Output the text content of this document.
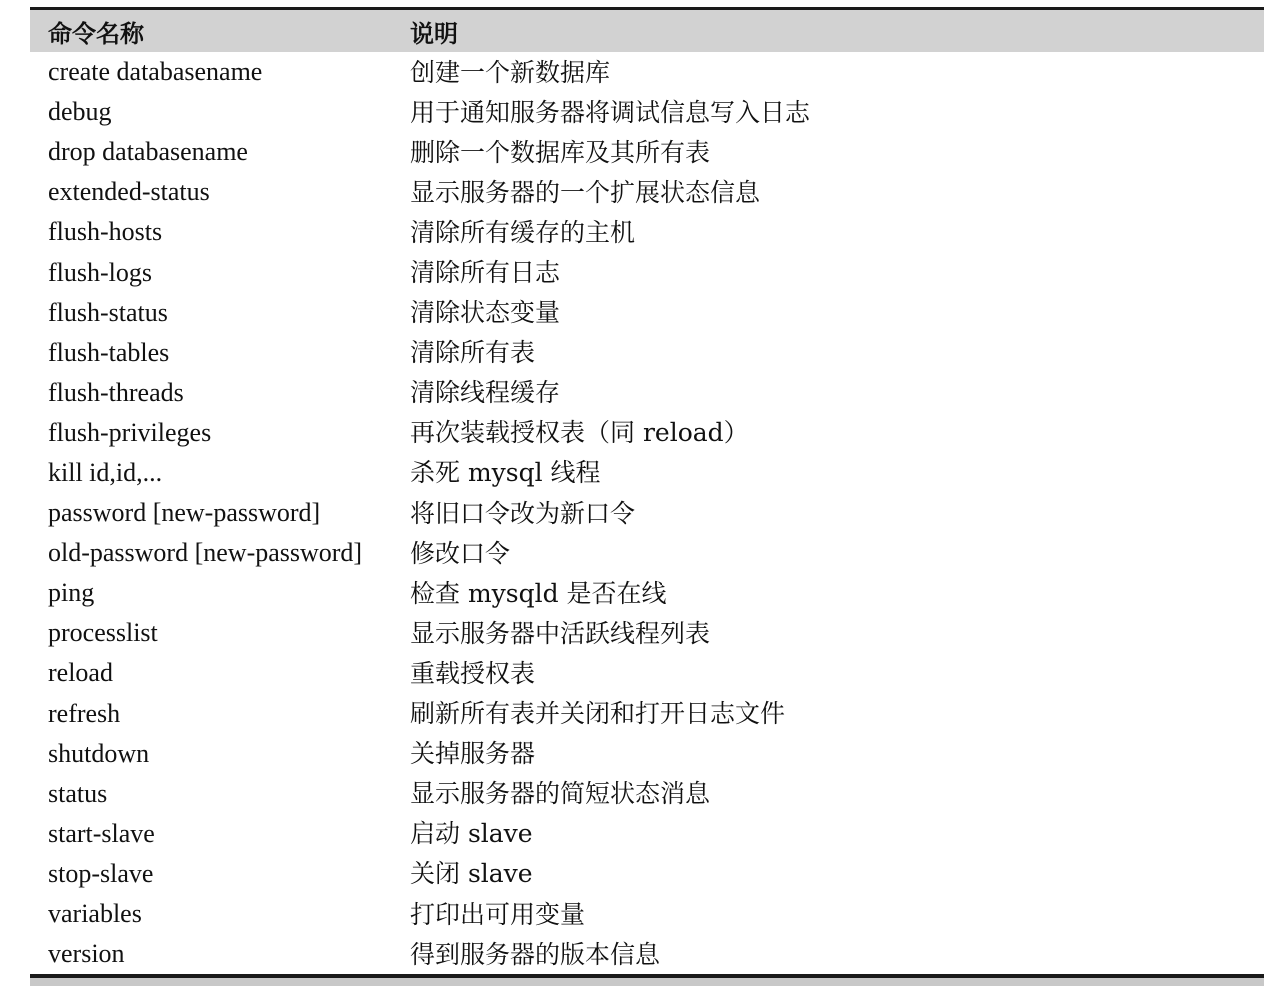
命令名称	说明
create databasename	创建一个新数据库
debug	用于通知服务器将调试信息写入日志
drop databasename	删除一个数据库及其所有表
extended-status	显示服务器的一个扩展状态信息
flush-hosts	清除所有缓存的主机
flush-logs	清除所有日志
flush-status	清除状态变量
flush-tables	清除所有表
flush-threads	清除线程缓存
flush-privileges	再次装载授权表（同 reload）
kill id,id,...	杀死 mysql 线程
password [new-password]	将旧口令改为新口令
old-password [new-password]	修改口令
ping	检查 mysqld 是否在线
processlist	显示服务器中活跃线程列表
reload	重载授权表
refresh	刷新所有表并关闭和打开日志文件
shutdown	关掉服务器
status	显示服务器的简短状态消息
start-slave	启动 slave
stop-slave	关闭 slave
variables	打印出可用变量
version	得到服务器的版本信息
